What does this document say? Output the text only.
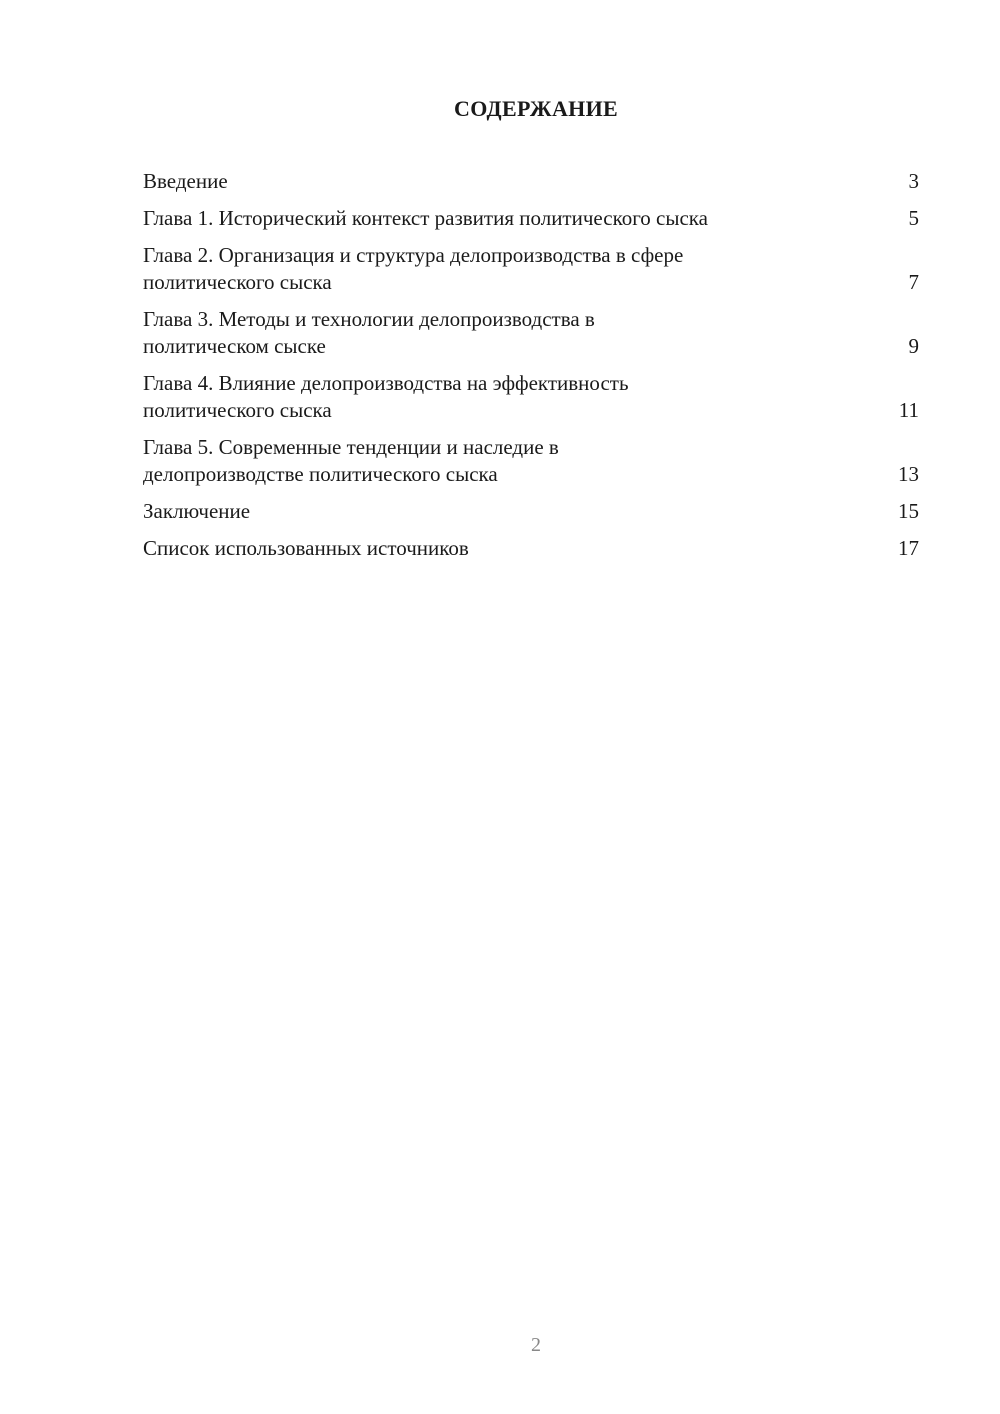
СОДЕРЖАНИЕ
Введение	3
Глава 1. Исторический контекст развития политического сыска	5
Глава 2. Организация и структура делопроизводства в сфере
политического сыска	7
Глава 3. Методы и технологии делопроизводства в
политическом сыске	9
Глава 4. Влияние делопроизводства на эффективность
политического сыска	11
Глава 5. Современные тенденции и наследие в
делопроизводстве политического сыска	13
Заключение	15
Список использованных источников	17
2
